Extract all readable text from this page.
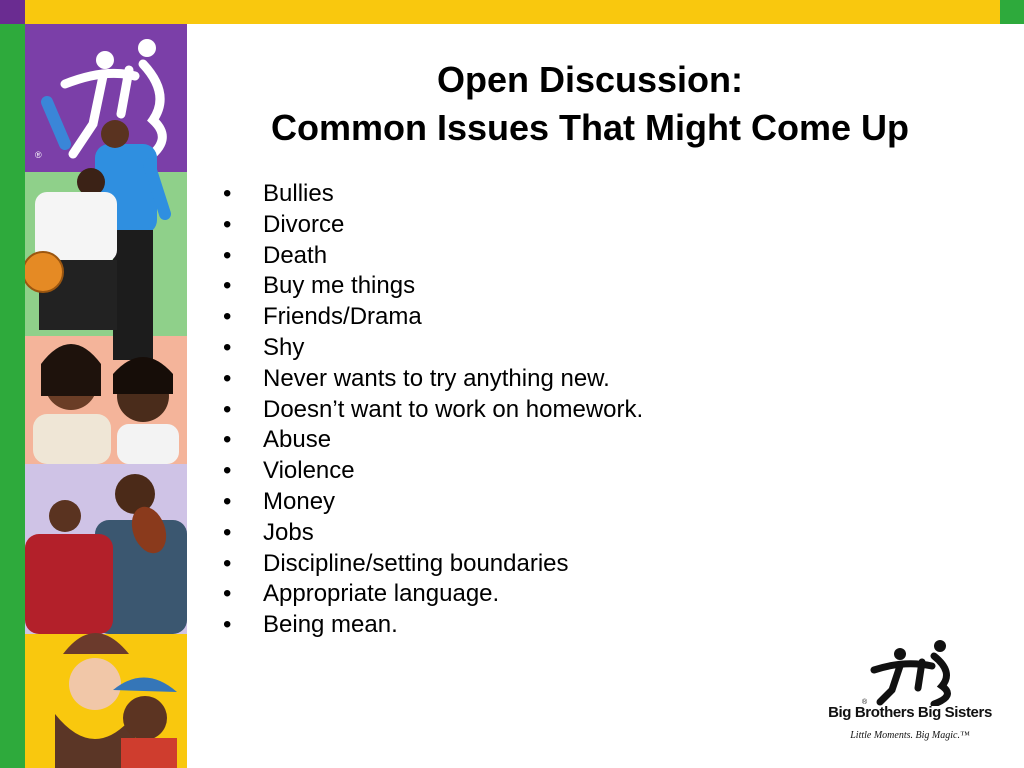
®
Open Discussion:
Common Issues That Might Come Up
•	Bullies
•	Divorce
•	Death
•	Buy me things
•	Friends/Drama
•	Shy
•	Never wants to try anything new.
•	Doesn’t want to work on homework.
•	Abuse
•	Violence
•	Money
•	Jobs
•	Discipline/setting boundaries
•	Appropriate language.
•	Being mean.
®
Big Brothers Big Sisters
Little Moments. Big Magic.™
